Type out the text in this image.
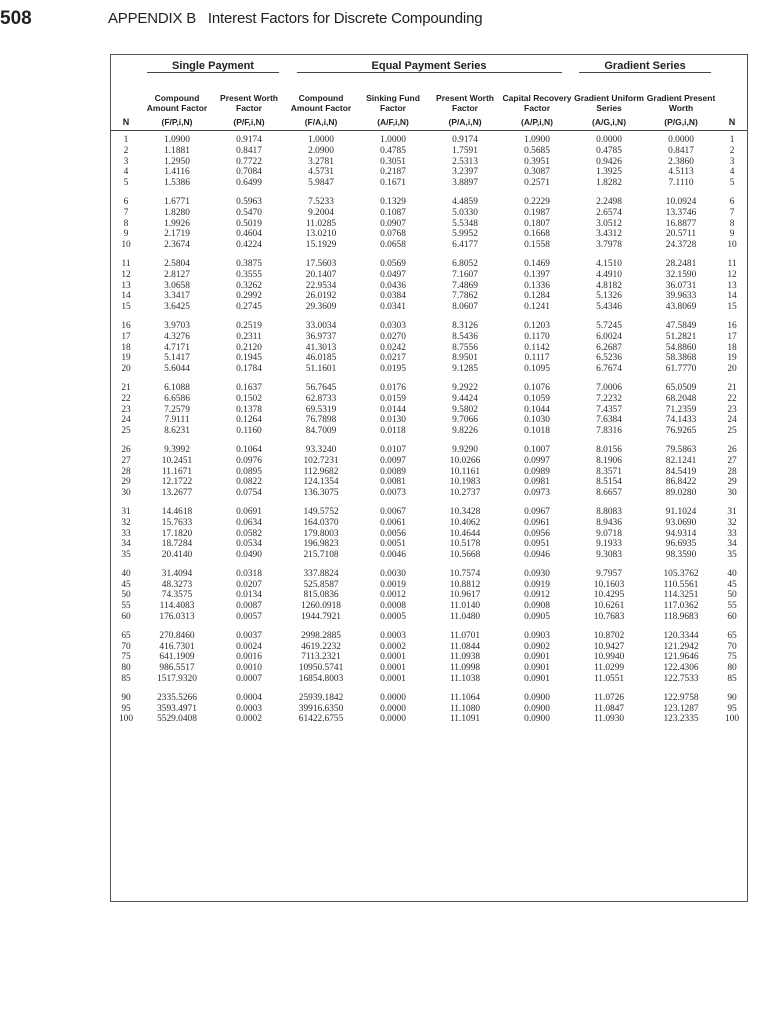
508	APPENDIX B   Interest Factors for Discrete Compounding
	Single Payment		Equal Payment Series				Gradient Series		
	Compound Amount Factor	Present Worth Factor	Compound Amount Factor	Sinking Fund Factor	Present Worth Factor	Capital Recovery Factor	Gradient Uniform Series	Gradient Present Worth	
N	(F/P,i,N)	(P/F,i,N)	(F/A,i,N)	(A/F,i,N)	(P/A,i,N)	(A/P,i,N)	(A/G,i,N)	(P/G,i,N)	N
1	1.0900	0.9174	1.0000	1.0000	0.9174	1.0900	0.0000	0.0000	1
2	1.1881	0.8417	2.0900	0.4785	1.7591	0.5685	0.4785	0.8417	2
3	1.2950	0.7722	3.2781	0.3051	2.5313	0.3951	0.9426	2.3860	3
4	1.4116	0.7084	4.5731	0.2187	3.2397	0.3087	1.3925	4.5113	4
5	1.5386	0.6499	5.9847	0.1671	3.8897	0.2571	1.8282	7.1110	5
6	1.6771	0.5963	7.5233	0.1329	4.4859	0.2229	2.2498	10.0924	6
7	1.8280	0.5470	9.2004	0.1087	5.0330	0.1987	2.6574	13.3746	7
8	1.9926	0.5019	11.0285	0.0907	5.5348	0.1807	3.0512	16.8877	8
9	2.1719	0.4604	13.0210	0.0768	5.9952	0.1668	3.4312	20.5711	9
10	2.3674	0.4224	15.1929	0.0658	6.4177	0.1558	3.7978	24.3728	10
11	2.5804	0.3875	17.5603	0.0569	6.8052	0.1469	4.1510	28.2481	11
12	2.8127	0.3555	20.1407	0.0497	7.1607	0.1397	4.4910	32.1590	12
13	3.0658	0.3262	22.9534	0.0436	7.4869	0.1336	4.8182	36.0731	13
14	3.3417	0.2992	26.0192	0.0384	7.7862	0.1284	5.1326	39.9633	14
15	3.6425	0.2745	29.3609	0.0341	8.0607	0.1241	5.4346	43.8069	15
16	3.9703	0.2519	33.0034	0.0303	8.3126	0.1203	5.7245	47.5849	16
17	4.3276	0.2311	36.9737	0.0270	8.5436	0.1170	6.0024	51.2821	17
18	4.7171	0.2120	41.3013	0.0242	8.7556	0.1142	6.2687	54.8860	18
19	5.1417	0.1945	46.0185	0.0217	8.9501	0.1117	6.5236	58.3868	19
20	5.6044	0.1784	51.1601	0.0195	9.1285	0.1095	6.7674	61.7770	20
21	6.1088	0.1637	56.7645	0.0176	9.2922	0.1076	7.0006	65.0509	21
22	6.6586	0.1502	62.8733	0.0159	9.4424	0.1059	7.2232	68.2048	22
23	7.2579	0.1378	69.5319	0.0144	9.5802	0.1044	7.4357	71.2359	23
24	7.9111	0.1264	76.7898	0.0130	9.7066	0.1030	7.6384	74.1433	24
25	8.6231	0.1160	84.7009	0.0118	9.8226	0.1018	7.8316	76.9265	25
26	9.3992	0.1064	93.3240	0.0107	9.9290	0.1007	8.0156	79.5863	26
27	10.2451	0.0976	102.7231	0.0097	10.0266	0.0997	8.1906	82.1241	27
28	11.1671	0.0895	112.9682	0.0089	10.1161	0.0989	8.3571	84.5419	28
29	12.1722	0.0822	124.1354	0.0081	10.1983	0.0981	8.5154	86.8422	29
30	13.2677	0.0754	136.3075	0.0073	10.2737	0.0973	8.6657	89.0280	30
31	14.4618	0.0691	149.5752	0.0067	10.3428	0.0967	8.8083	91.1024	31
32	15.7633	0.0634	164.0370	0.0061	10.4062	0.0961	8.9436	93.0690	32
33	17.1820	0.0582	179.8003	0.0056	10.4644	0.0956	9.0718	94.9314	33
34	18.7284	0.0534	196.9823	0.0051	10.5178	0.0951	9.1933	96.6935	34
35	20.4140	0.0490	215.7108	0.0046	10.5668	0.0946	9.3083	98.3590	35
40	31.4094	0.0318	337.8824	0.0030	10.7574	0.0930	9.7957	105.3762	40
45	48.3273	0.0207	525.8587	0.0019	10.8812	0.0919	10.1603	110.5561	45
50	74.3575	0.0134	815.0836	0.0012	10.9617	0.0912	10.4295	114.3251	50
55	114.4083	0.0087	1260.0918	0.0008	11.0140	0.0908	10.6261	117.0362	55
60	176.0313	0.0057	1944.7921	0.0005	11.0480	0.0905	10.7683	118.9683	60
65	270.8460	0.0037	2998.2885	0.0003	11.0701	0.0903	10.8702	120.3344	65
70	416.7301	0.0024	4619.2232	0.0002	11.0844	0.0902	10.9427	121.2942	70
75	641.1909	0.0016	7113.2321	0.0001	11.0938	0.0901	10.9940	121.9646	75
80	986.5517	0.0010	10950.5741	0.0001	11.0998	0.0901	11.0299	122.4306	80
85	1517.9320	0.0007	16854.8003	0.0001	11.1038	0.0901	11.0551	122.7533	85
90	2335.5266	0.0004	25939.1842	0.0000	11.1064	0.0900	11.0726	122.9758	90
95	3593.4971	0.0003	39916.6350	0.0000	11.1080	0.0900	11.0847	123.1287	95
100	5529.0408	0.0002	61422.6755	0.0000	11.1091	0.0900	11.0930	123.2335	100
